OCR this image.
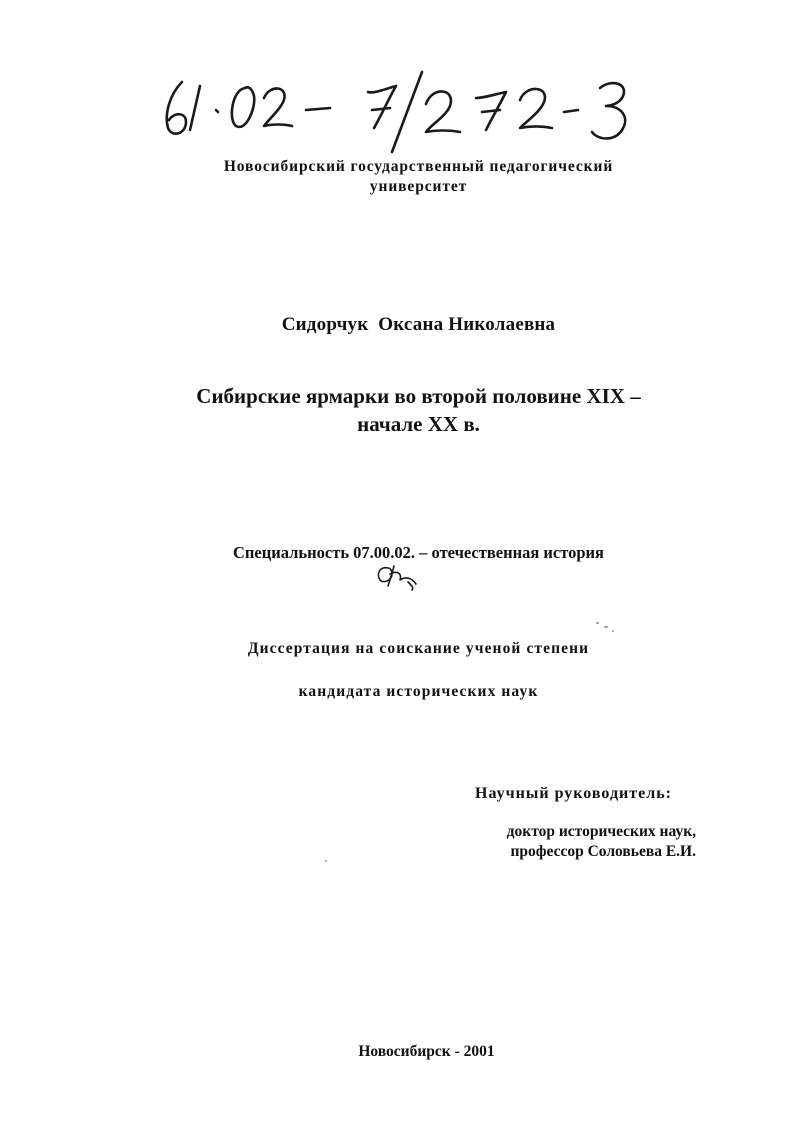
Новосибирский государственный педагогический
университет
Сидорчук  Оксана Николаевна
Сибирские ярмарки во второй половине XIX –
начале XX в.
Специальность 07.00.02. – отечественная история
Диссертация на соискание ученой степени
кандидата исторических наук
Научный руководитель:
доктор исторических наук,
профессор Соловьева Е.И.
Новосибирск - 2001
